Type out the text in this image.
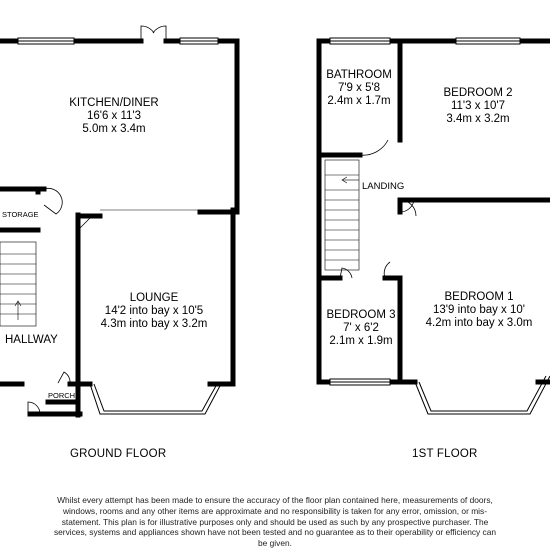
KITCHEN/DINER
16'6 x 11'3
5.0m x 3.4m
LOUNGE
14'2 into bay x 10'5
4.3m into bay x 3.2m
HALLWAY
STORAGE
PORCH
BATHROOM
7'9 x 5'8
2.4m x 1.7m
BEDROOM 2
11'3 x 10'7
3.4m x 3.2m
LANDING
BEDROOM 3
7' x 6'2
2.1m x 1.9m
BEDROOM 1
13'9 into bay x 10'
4.2m into bay x 3.0m
GROUND FLOOR	1ST FLOOR
Whilst every attempt has been made to ensure the accuracy of the floor plan contained here, measurements of doors,
windows, rooms and any other items are approximate and no responsibility is taken for any error, omission, or mis-
statement. This plan is for illustrative purposes only and should be used as such by any prospective purchaser. The
services, systems and appliances shown have not been tested and no guarantee as to their operability or efficiency can
be given.
